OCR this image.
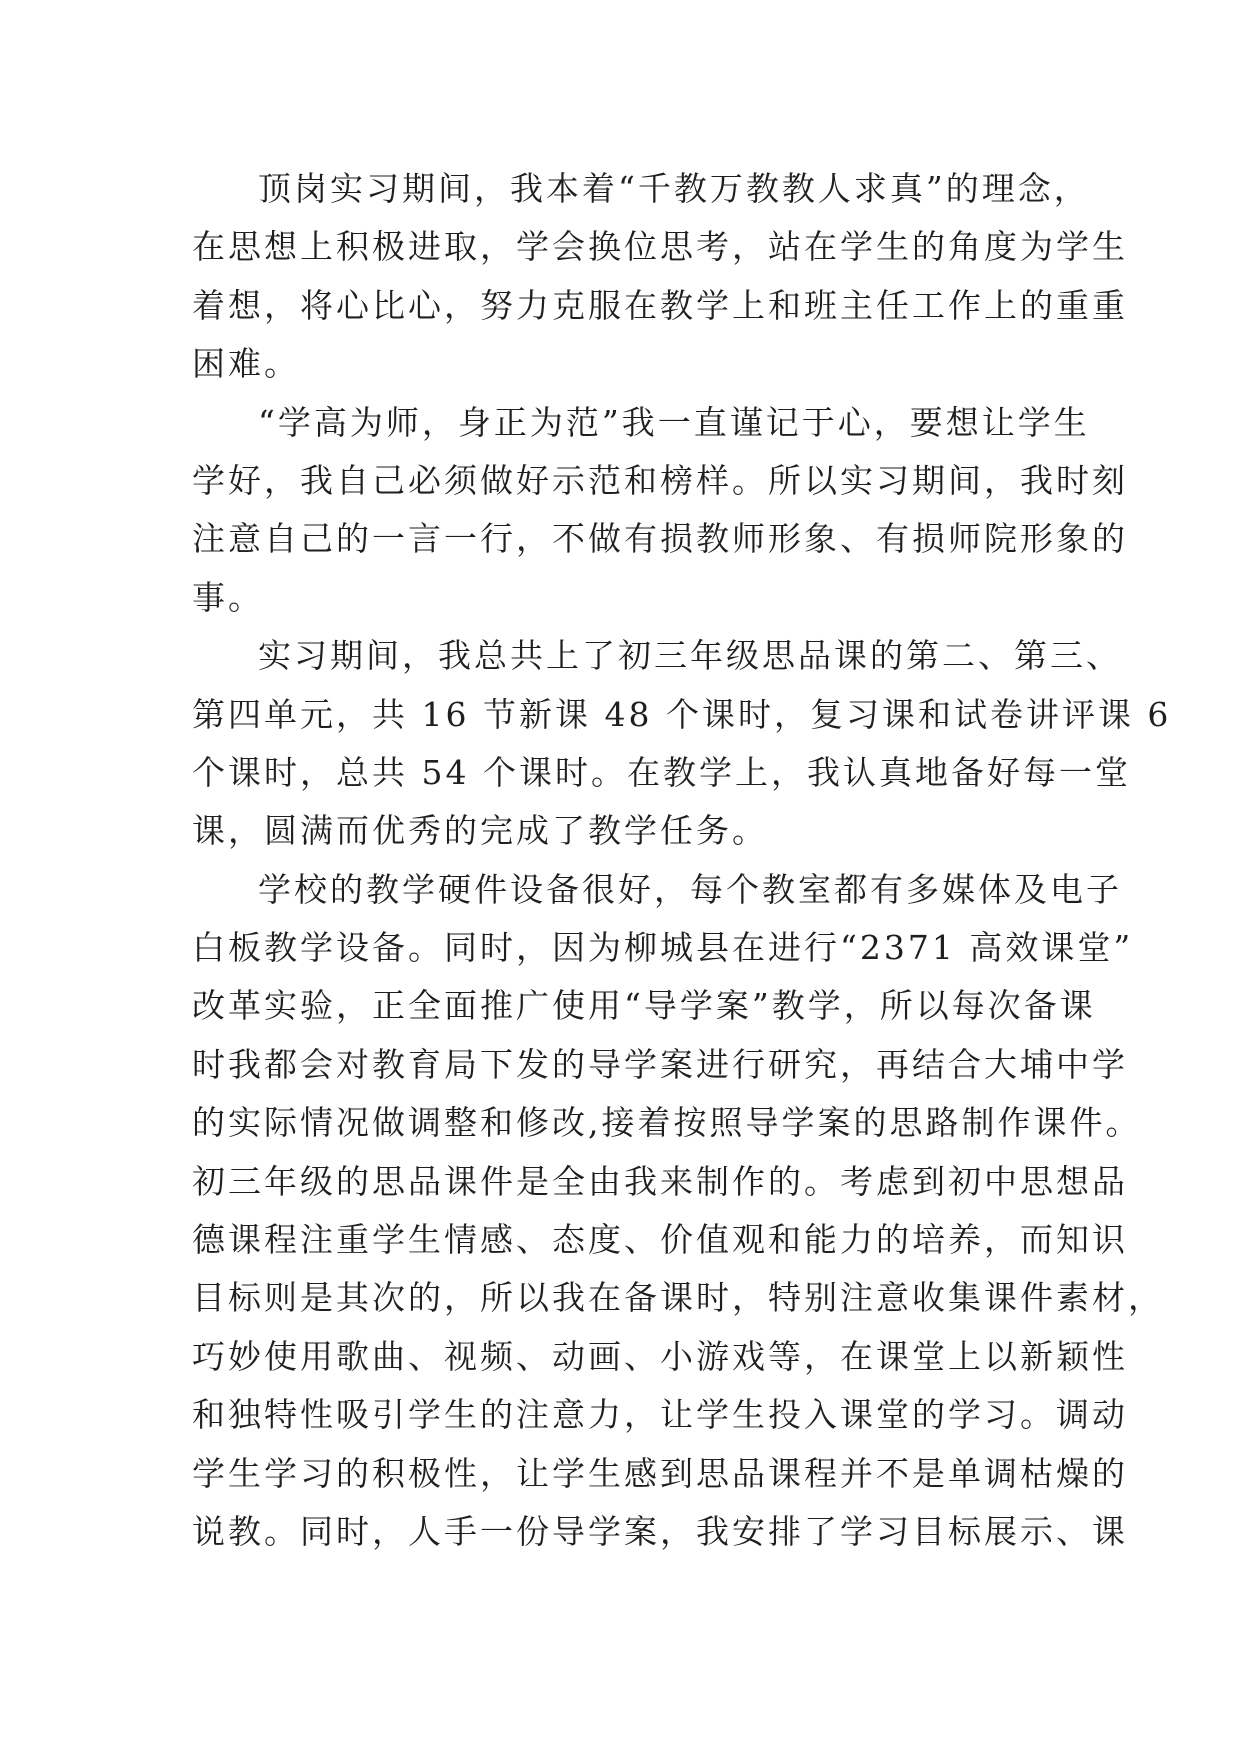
顶岗实习期间，我本着“千教万教教人求真”的理念，
在思想上积极进取，学会换位思考，站在学生的角度为学生
着想，将心比心，努力克服在教学上和班主任工作上的重重
困难。
“学高为师，身正为范”我一直谨记于心，要想让学生
学好，我自己必须做好示范和榜样。所以实习期间，我时刻
注意自己的一言一行，不做有损教师形象、有损师院形象的
事。
实习期间，我总共上了初三年级思品课的第二、第三、
第四单元，共 16 节新课 48 个课时，复习课和试卷讲评课 6
个课时，总共 54 个课时。在教学上，我认真地备好每一堂
课，圆满而优秀的完成了教学任务。
学校的教学硬件设备很好，每个教室都有多媒体及电子
白板教学设备。同时，因为柳城县在进行“2371 高效课堂”
改革实验，正全面推广使用“导学案”教学，所以每次备课
时我都会对教育局下发的导学案进行研究，再结合大埔中学
的实际情况做调整和修改,接着按照导学案的思路制作课件。
初三年级的思品课件是全由我来制作的。考虑到初中思想品
德课程注重学生情感、态度、价值观和能力的培养，而知识
目标则是其次的，所以我在备课时，特别注意收集课件素材，
巧妙使用歌曲、视频、动画、小游戏等，在课堂上以新颖性
和独特性吸引学生的注意力，让学生投入课堂的学习。调动
学生学习的积极性，让学生感到思品课程并不是单调枯燥的
说教。同时，人手一份导学案，我安排了学习目标展示、课
